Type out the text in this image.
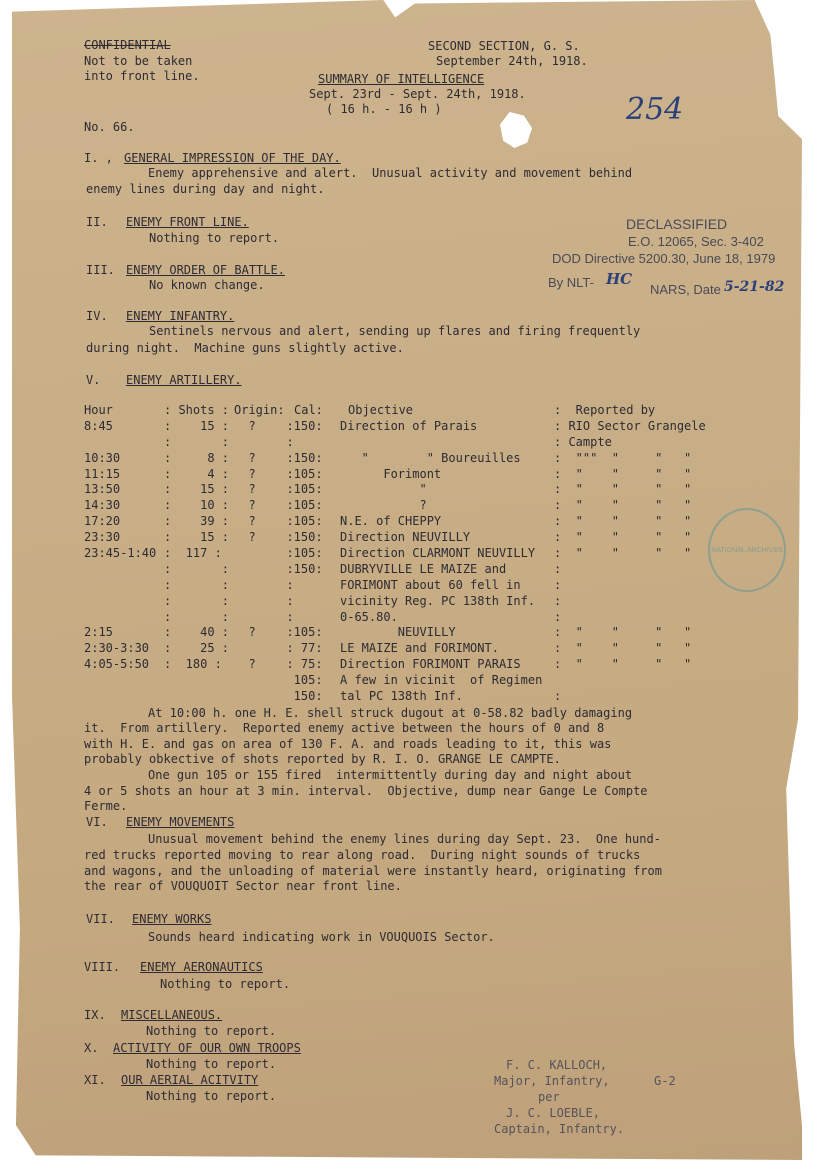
CONFIDENTIAL
Not to be taken
into front line.
SECOND SECTION, G. S.
September 24th, 1918.
SUMMARY OF INTELLIGENCE
Sept. 23rd - Sept. 24th, 1918.
( 16 h. - 16 h )
No. 66.	254
DECLASSIFIED
E.O. 12065, Sec. 3-402
DOD Directive 5200.30, June 18, 1979
By NLT- HC
NARS, Date 5-21-82
NATIONAL ARCHIVES
I. , GENERAL IMPRESSION OF THE DAY.
Enemy apprehensive and alert.  Unusual activity and movement behind
enemy lines during day and night.
II. ENEMY FRONT LINE.
Nothing to report.
III. ENEMY ORDER OF BATTLE.
No known change.
IV. ENEMY INFANTRY.
Sentinels nervous and alert, sending up flares and firing frequently
during night.  Machine guns slightly active.
V. ENEMY ARTILLERY.
Hour	: Shots : Origin: Cal: Objective	:  Reported by
8:45	:    15 : ? :150: Direction of Parais	: RIO Sector Grangele
:       :	:	: Campte
10:30	:     8 : ? :150: "        " Boureuilles	:  """  "     "   "
11:15	:     4 : ? :105: Forimont	:  "    "     "   "
13:50	:    15 : ? :105: "	:  "    "     "   "
14:30	:    10 : ? :105: ?	:  "    "     "   "
17:20	:    39 : ? :105: N.E. of CHEPPY	:  "    "     "   "
23:30	:    15 : ? :150: Direction NEUVILLY	:  "    "     "   "
23:45-1:40 :  117 :	:105: Direction CLARMONT NEUVILLY :  "    "     "   "
:       :	:150: DUBRYVILLE LE MAIZE and	:
:       :	:	FORIMONT about 60 fell in	:
:       :	:	vicinity Reg. PC 138th Inf. :
:       :	:	0-65.80.	:
2:15	:    40 : ? :105: NEUVILLY	:  "    "     "   "
2:30-3:30 :    25 :	: 77: LE MAIZE and FORIMONT.	:  "    "     "   "
4:05-5:50 :  180 : ? : 75: Direction FORIMONT PARAIS	:  "    "     "   "
105: A few in vicinit  of Regimen
150: tal PC 138th Inf.	:
At 10:00 h. one H. E. shell struck dugout at 0-58.82 badly damaging
it.  From artillery.  Reported enemy active between the hours of 0 and 8
with H. E. and gas on area of 130 F. A. and roads leading to it, this was
probably obkective of shots reported by R. I. O. GRANGE LE CAMPTE.
One gun 105 or 155 fired  intermittently during day and night about
4 or 5 shots an hour at 3 min. interval.  Objective, dump near Gange Le Compte
Ferme.
VI. ENEMY MOVEMENTS
Unusual movement behind the enemy lines during day Sept. 23.  One hund-
red trucks reported moving to rear along road.  During night sounds of trucks
and wagons, and the unloading of material were instantly heard, originating from
the rear of VOUQUOIT Sector near front line.
VII. ENEMY WORKS
Sounds heard indicating work in VOUQUOIS Sector.
VIII. ENEMY AERONAUTICS
Nothing to report.
IX. MISCELLANEOUS.
Nothing to report.
X. ACTIVITY OF OUR OWN TROOPS
Nothing to report.
XI. OUR AERIAL ACITVITY
Nothing to report.
F. C. KALLOCH,
Major, Infantry,	G-2
per
J. C. LOEBLE,
Captain, Infantry.
